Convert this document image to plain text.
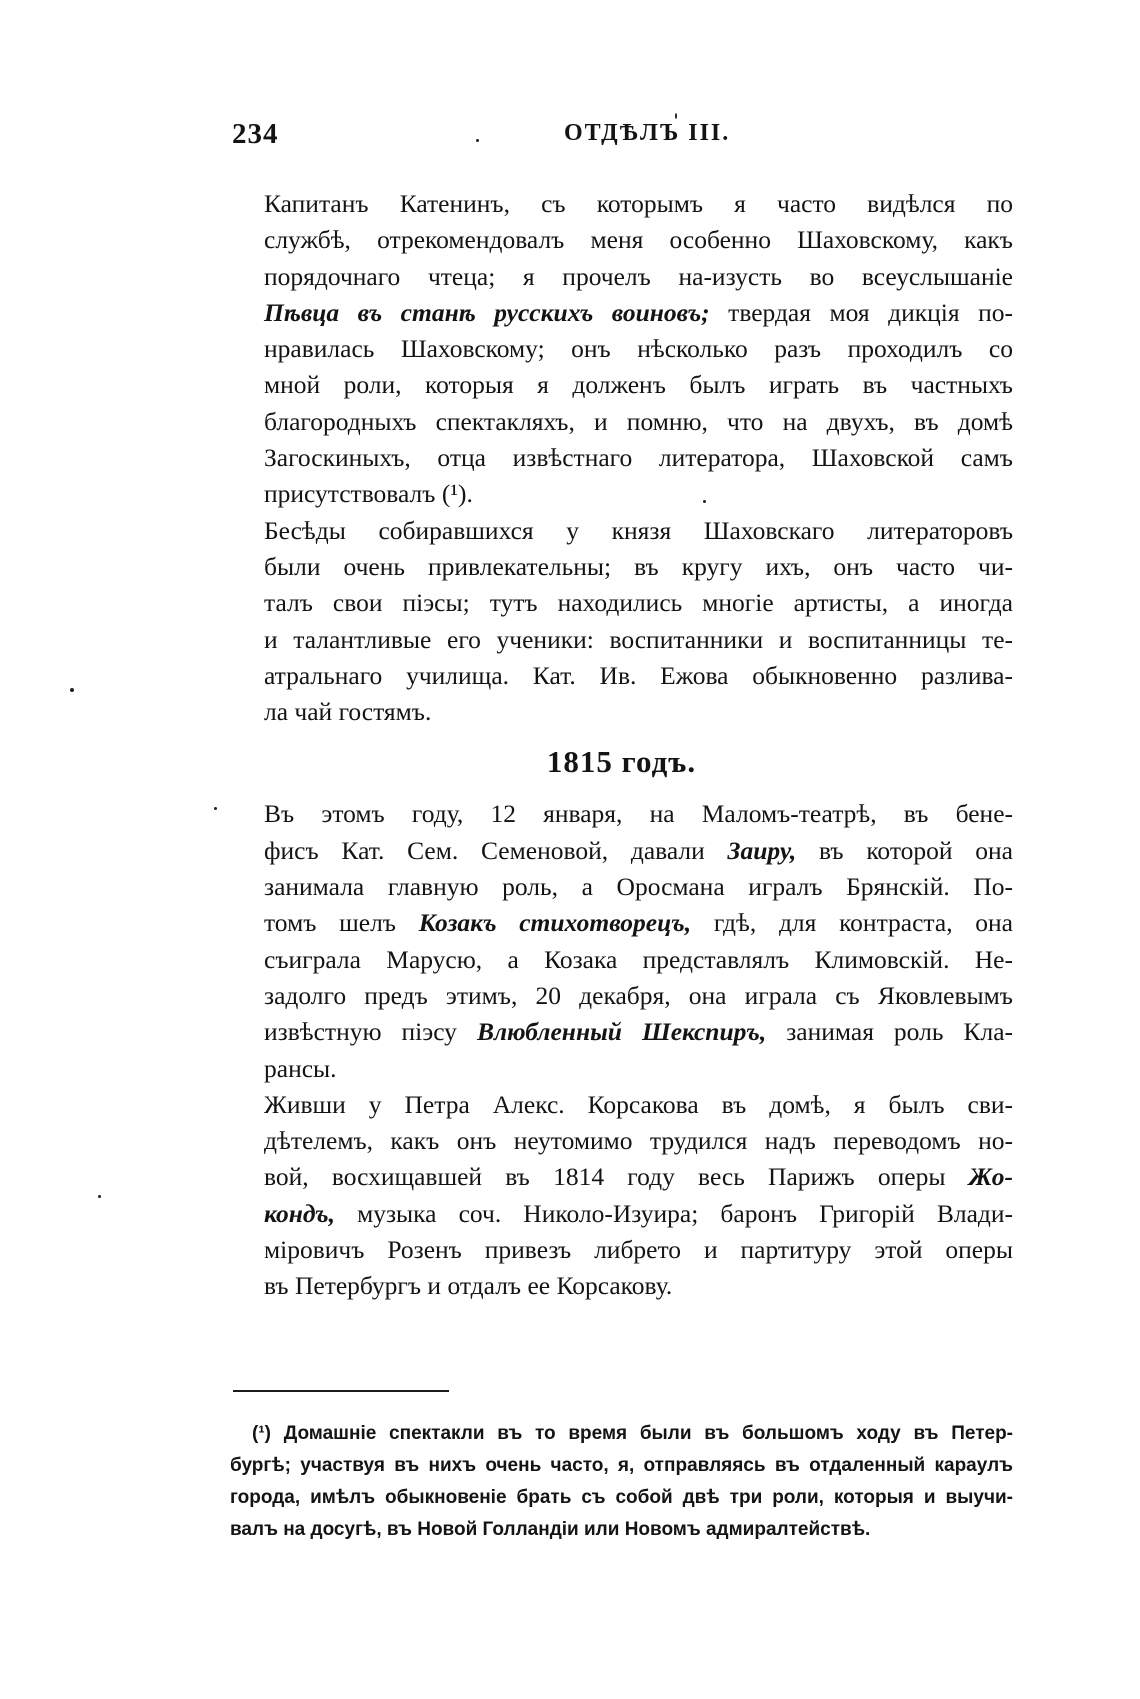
234	ОТДѢЛЪ III.

Капитанъ Катенинъ, съ которымъ я часто видѣлся по
службѣ, отрекомендовалъ меня особенно Шаховскому, какъ
порядочнаго чтеца; я прочелъ на-изусть во всеуслышаніе
Пѣвца въ станѣ русскихъ воиновъ; твердая моя дикція по-
нравилась Шаховскому; онъ нѣсколько разъ проходилъ со
мной роли, которыя я долженъ былъ играть въ частныхъ
благородныхъ спектакляхъ, и помню, что на двухъ, въ домѣ
Загоскиныхъ, отца извѣстнаго литератора, Шаховской самъ
присутствовалъ (¹).

Бесѣды собиравшихся у князя Шаховскаго литераторовъ
были очень привлекательны; въ кругу ихъ, онъ часто чи-
талъ свои піэсы; тутъ находились многіе артисты, а иногда
и талантливые его ученики: воспитанники и воспитанницы те-
атральнаго училища. Кат. Ив. Ежова обыкновенно разлива-
ла чай гостямъ.

1815 годъ.

Въ этомъ году, 12 января, на Маломъ-театрѣ, въ бене-
фисъ Кат. Сем. Семеновой, давали Заиру, въ которой она
занимала главную роль, а Оросмана игралъ Брянскій. По-
томъ шелъ Козакъ стихотворецъ, гдѣ, для контраста, она
съиграла Марусю, а Козака представлялъ Климовскій. Не-
задолго предъ этимъ, 20 декабря, она играла съ Яковлевымъ
извѣстную піэсу Влюбленный Шекспиръ, занимая роль Кла-
рансы.

Живши у Петра Алекс. Корсакова въ домѣ, я былъ сви-
дѣтелемъ, какъ онъ неутомимо трудился надъ переводомъ но-
вой, восхищавшей въ 1814 году весь Парижъ оперы Жо-
кондъ, музыка соч. Николо-Изуира; баронъ Григорій Влади-
міровичъ Розенъ привезъ либрето и партитуру этой оперы
въ Петербургъ и отдалъ ее Корсакову.

(¹) Домашніе спектакли въ то время были въ большомъ ходу въ Петер-
бургѣ; участвуя въ нихъ очень часто, я, отправляясь въ отдаленный караулъ
города, имѣлъ обыкновеніе брать съ собой двѣ три роли, которыя и выучи-
валъ на досугѣ, въ Новой Голландіи или Новомъ адмиралтействѣ.
